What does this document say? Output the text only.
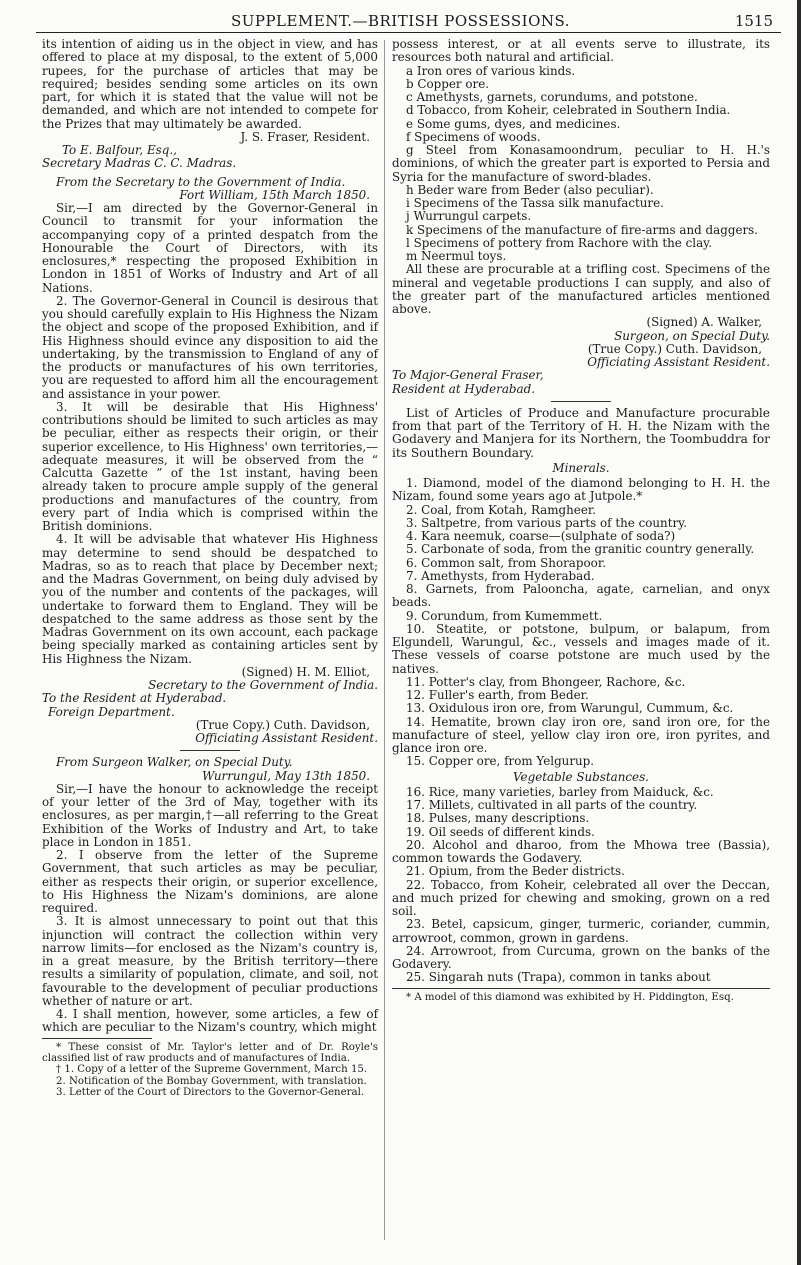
SUPPLEMENT.—BRITISH POSSESSIONS.	1515

its intention of aiding us in the object in view, and has offered to place at my disposal, to the extent of 5,000 rupees, for the purchase of articles that may be required; besides sending some articles on its own part, for which it is stated that the value will not be demanded, and which are not intended to compete for the Prizes that may ultimately be awarded.

J. S. Fraser, Resident.

To E. Balfour, Esq.,

Secretary Madras C. C. Madras.

From the Secretary to the Government of India.

Fort William, 15th March 1850.

Sir,—I am directed by the Governor-General in Council to transmit for your information the accompanying copy of a printed despatch from the Honourable the Court of Directors, with its enclosures,* respecting the proposed Exhibition in London in 1851 of Works of Industry and Art of all Nations.

2. The Governor-General in Council is desirous that you should carefully explain to His Highness the Nizam the object and scope of the proposed Exhibition, and if His Highness should evince any disposition to aid the undertaking, by the transmission to England of any of the products or manufactures of his own territories, you are requested to afford him all the encouragement and assistance in your power.

3. It will be desirable that His Highness' contributions should be limited to such articles as may be peculiar, either as respects their origin, or their superior excellence, to His Highness' own territories,—adequate measures, it will be observed from the “ Calcutta Gazette ” of the 1st instant, having been already taken to procure ample supply of the general productions and manufactures of the country, from every part of India which is comprised within the British dominions.

4. It will be advisable that whatever His Highness may determine to send should be despatched to Madras, so as to reach that place by December next; and the Madras Government, on being duly advised by you of the number and contents of the packages, will undertake to forward them to England. They will be despatched to the same address as those sent by the Madras Government on its own account, each package being specially marked as containing articles sent by His Highness the Nizam.

(Signed) H. M. Elliot,

Secretary to the Government of India.

To the Resident at Hyderabad.

Foreign Department.

(True Copy.) Cuth. Davidson,

Officiating Assistant Resident.

From Surgeon Walker, on Special Duty.

Wurrungul, May 13th 1850.

Sir,—I have the honour to acknowledge the receipt of your letter of the 3rd of May, together with its enclosures, as per margin,†—all referring to the Great Exhibition of the Works of Industry and Art, to take place in London in 1851.

2. I observe from the letter of the Supreme Government, that such articles as may be peculiar, either as respects their origin, or superior excellence, to His Highness the Nizam's dominions, are alone required.

3. It is almost unnecessary to point out that this injunction will contract the collection within very narrow limits—for enclosed as the Nizam's country is, in a great measure, by the British territory—there results a similarity of population, climate, and soil, not favourable to the development of peculiar productions whether of nature or art.

4. I shall mention, however, some articles, a few of which are peculiar to the Nizam's country, which might

* These consist of Mr. Taylor's letter and of Dr. Royle's classified list of raw products and of manufactures of India.

† 1. Copy of a letter of the Supreme Government, March 15.

2. Notification of the Bombay Government, with translation.

3. Letter of the Court of Directors to the Governor-General.

possess interest, or at all events serve to illustrate, its resources both natural and artificial.

a Iron ores of various kinds.

b Copper ore.

c Amethysts, garnets, corundums, and potstone.

d Tobacco, from Koheir, celebrated in Southern India.

e Some gums, dyes, and medicines.

f Specimens of woods.

g Steel from Konasamoondrum, peculiar to H. H.'s dominions, of which the greater part is exported to Persia and Syria for the manufacture of sword-blades.

h Beder ware from Beder (also peculiar).

i Specimens of the Tassa silk manufacture.

j Wurrungul carpets.

k Specimens of the manufacture of fire-arms and daggers.

l Specimens of pottery from Rachore with the clay.

m Neermul toys.

All these are procurable at a trifling cost. Specimens of the mineral and vegetable productions I can supply, and also of the greater part of the manufactured articles mentioned above.

(Signed) A. Walker,

Surgeon, on Special Duty.

(True Copy.) Cuth. Davidson,

Officiating Assistant Resident.

To Major-General Fraser,

Resident at Hyderabad.

List of Articles of Produce and Manufacture procurable from that part of the Territory of H. H. the Nizam with the Godavery and Manjera for its Northern, the Toombuddra for its Southern Boundary.

Minerals.

1. Diamond, model of the diamond belonging to H. H. the Nizam, found some years ago at Jutpole.*

2. Coal, from Kotah, Ramgheer.

3. Saltpetre, from various parts of the country.

4. Kara neemuk, coarse—(sulphate of soda?)

5. Carbonate of soda, from the granitic country generally.

6. Common salt, from Shorapoor.

7. Amethysts, from Hyderabad.

8. Garnets, from Palooncha, agate, carnelian, and onyx beads.

9. Corundum, from Kumemmett.

10. Steatite, or potstone, bulpum, or balapum, from Elgundell, Warungul, &c., vessels and images made of it. These vessels of coarse potstone are much used by the natives.

11. Potter's clay, from Bhongeer, Rachore, &c.

12. Fuller's earth, from Beder.

13. Oxidulous iron ore, from Warungul, Cummum, &c.

14. Hematite, brown clay iron ore, sand iron ore, for the manufacture of steel, yellow clay iron ore, iron pyrites, and glance iron ore.

15. Copper ore, from Yelgurup.

Vegetable Substances.

16. Rice, many varieties, barley from Maiduck, &c.

17. Millets, cultivated in all parts of the country.

18. Pulses, many descriptions.

19. Oil seeds of different kinds.

20. Alcohol and dharoo, from the Mhowa tree (Bassia), common towards the Godavery.

21. Opium, from the Beder districts.

22. Tobacco, from Koheir, celebrated all over the Deccan, and much prized for chewing and smoking, grown on a red soil.

23. Betel, capsicum, ginger, turmeric, coriander, cummin, arrowroot, common, grown in gardens.

24. Arrowroot, from Curcuma, grown on the banks of the Godavery.

25. Singarah nuts (Trapa), common in tanks about

* A model of this diamond was exhibited by H. Piddington, Esq.
